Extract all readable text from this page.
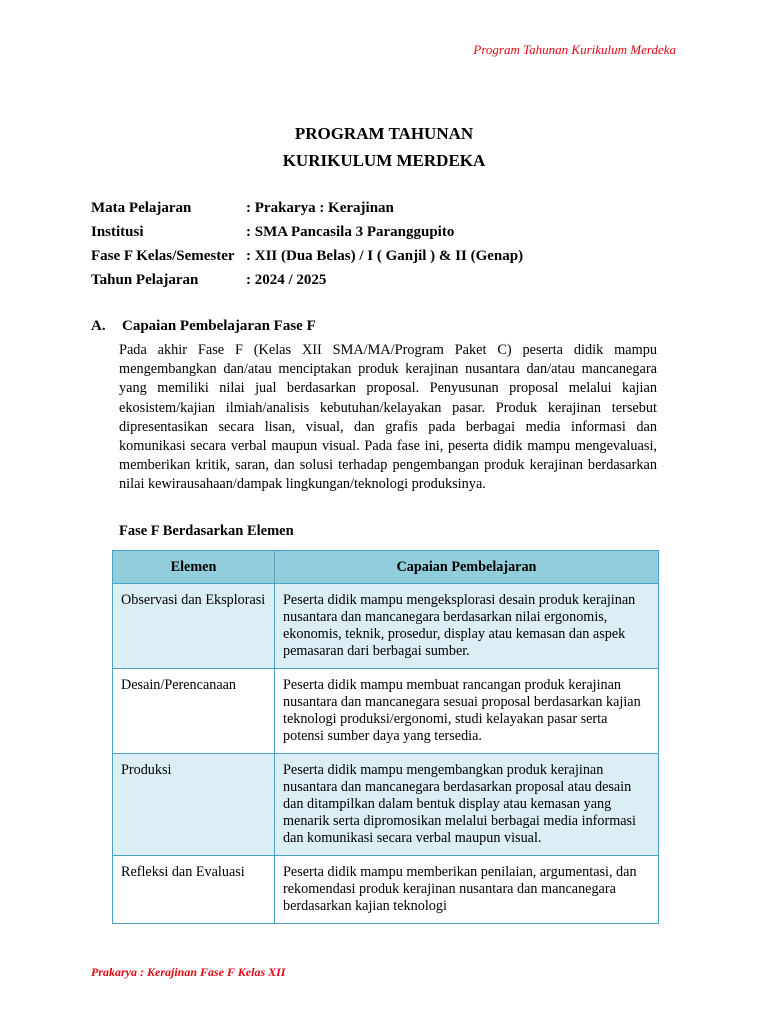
Program Tahunan Kurikulum Merdeka
PROGRAM TAHUNAN
KURIKULUM MERDEKA
Mata Pelajaran	: Prakarya : Kerajinan
Institusi	: SMA Pancasila 3 Paranggupito
Fase F Kelas/Semester : XII (Dua Belas) / I ( Ganjil ) & II (Genap)
Tahun Pelajaran	: 2024 / 2025
A. Capaian Pembelajaran Fase F
Pada akhir Fase F (Kelas XII SMA/MA/Program Paket C) peserta didik mampu mengembangkan dan/atau menciptakan produk kerajinan nusantara dan/atau mancanegara yang memiliki nilai jual berdasarkan proposal. Penyusunan proposal melalui kajian ekosistem/kajian ilmiah/analisis kebutuhan/kelayakan pasar. Produk kerajinan tersebut dipresentasikan secara lisan, visual, dan grafis pada berbagai media informasi dan komunikasi secara verbal maupun visual. Pada fase ini, peserta didik mampu mengevaluasi, memberikan kritik, saran, dan solusi terhadap pengembangan produk kerajinan berdasarkan nilai kewirausahaan/dampak lingkungan/teknologi produksinya.
Fase F Berdasarkan Elemen
Elemen	Capaian Pembelajaran
Observasi dan Eksplorasi	Peserta didik mampu mengeksplorasi desain produk kerajinan nusantara dan mancanegara berdasarkan nilai ergonomis, ekonomis, teknik, prosedur, display atau kemasan dan aspek pemasaran dari berbagai sumber.
Desain/Perencanaan	Peserta didik mampu membuat rancangan produk kerajinan nusantara dan mancanegara sesuai proposal berdasarkan kajian teknologi produksi/ergonomi, studi kelayakan pasar serta potensi sumber daya yang tersedia.
Produksi	Peserta didik mampu mengembangkan produk kerajinan nusantara dan mancanegara berdasarkan proposal atau desain dan ditampilkan dalam bentuk display atau kemasan yang menarik serta dipromosikan melalui berbagai media informasi dan komunikasi secara verbal maupun visual.
Refleksi dan Evaluasi	Peserta didik mampu memberikan penilaian, argumentasi, dan rekomendasi produk kerajinan nusantara dan mancanegara berdasarkan kajian teknologi
Prakarya : Kerajinan Fase F Kelas XII
